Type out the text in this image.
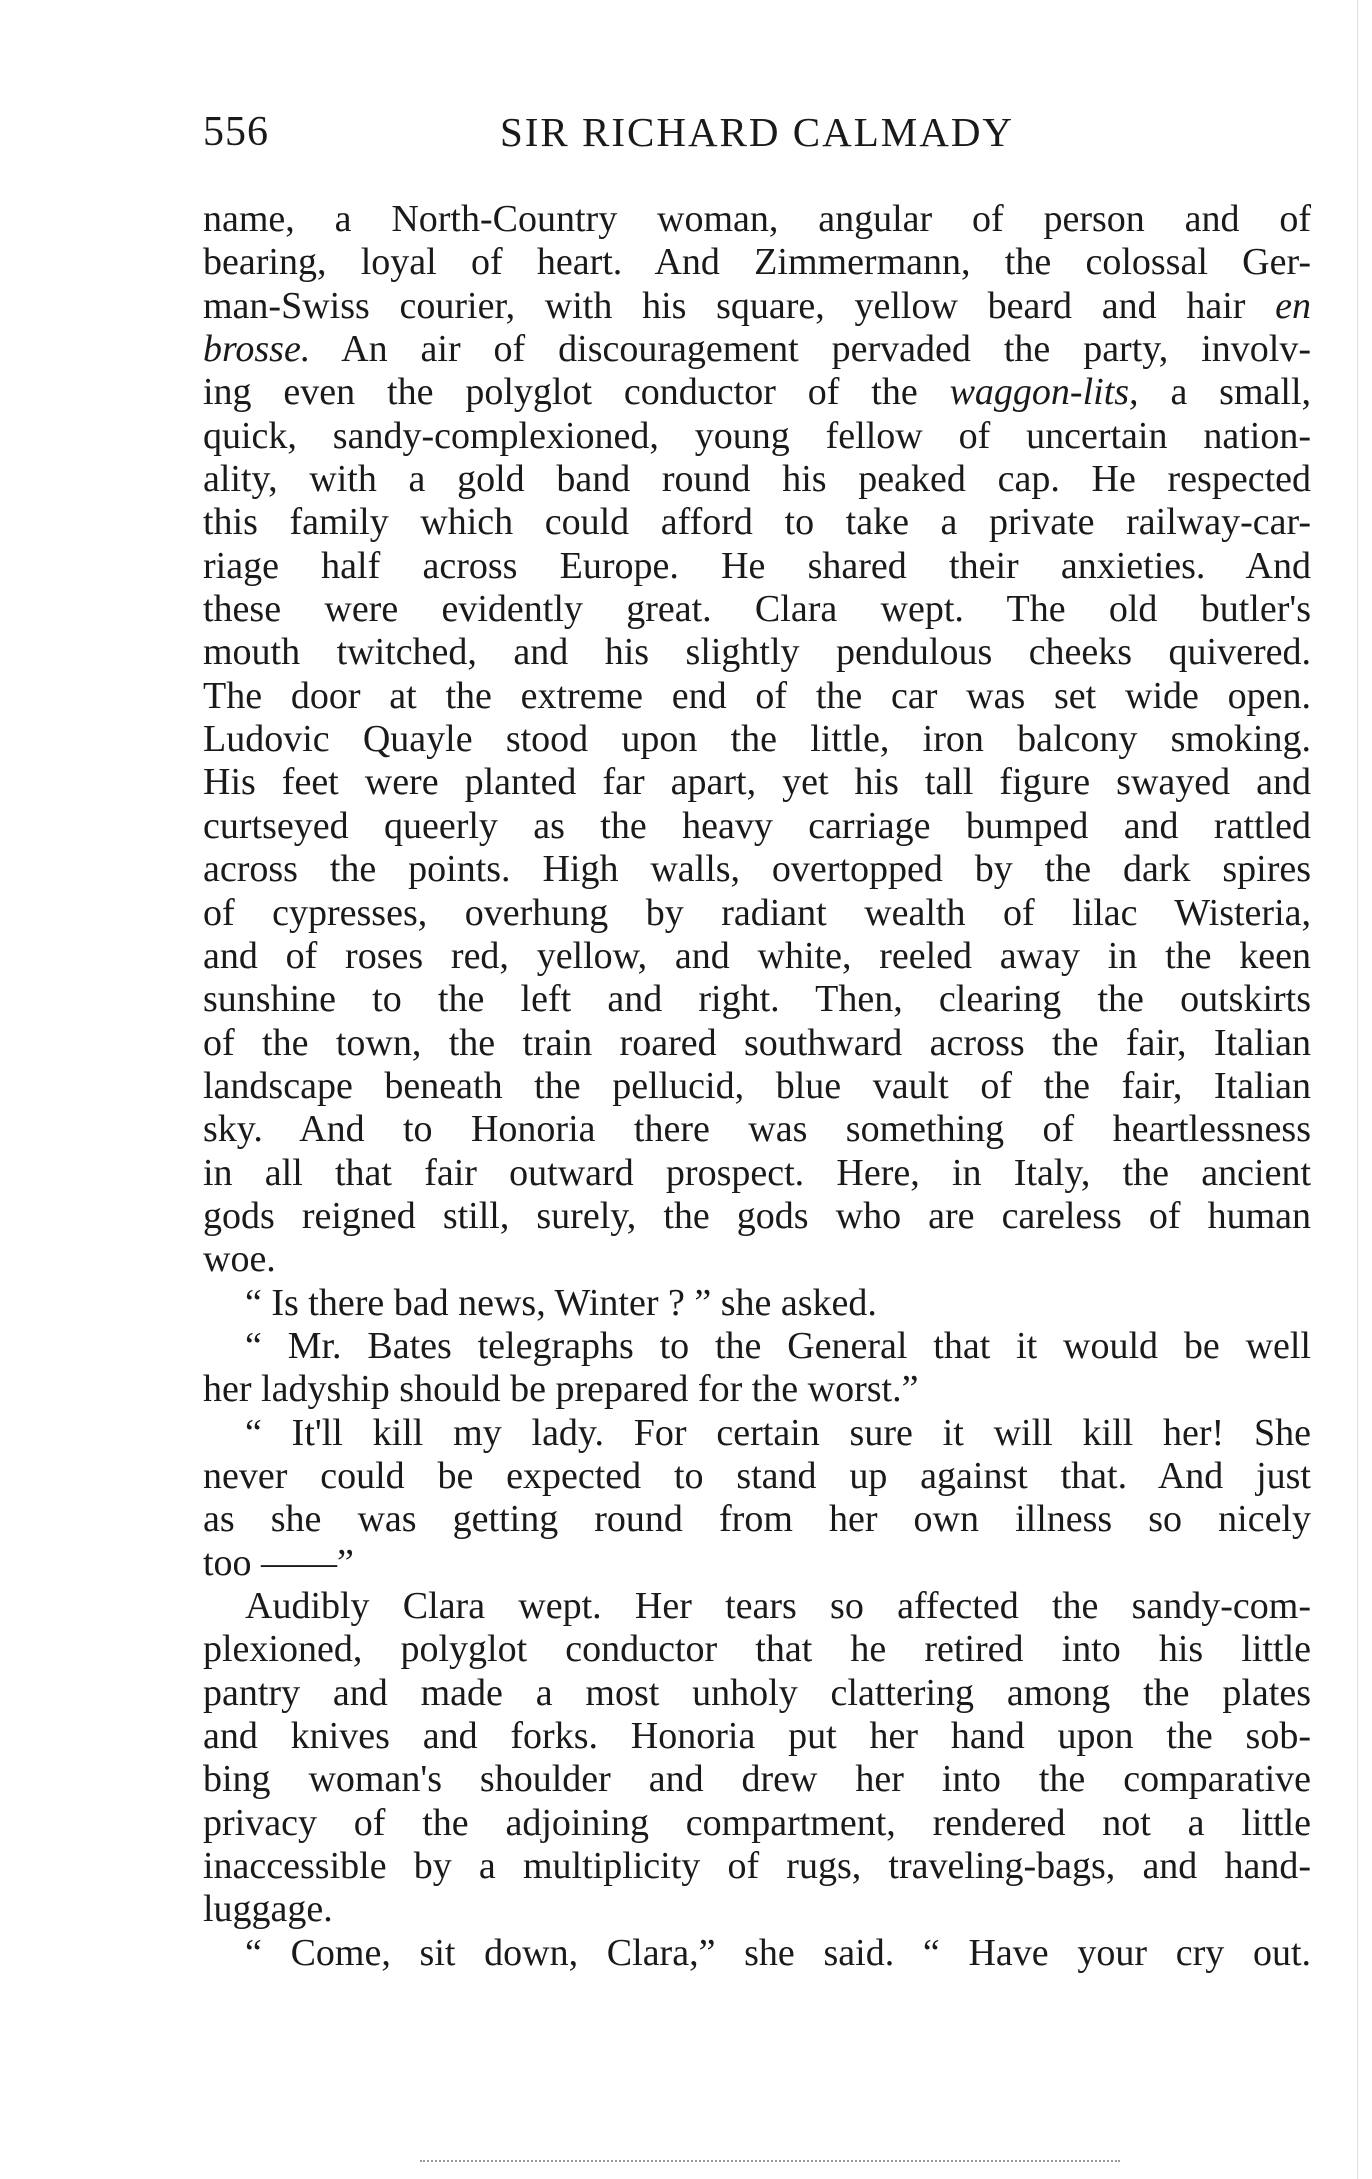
556	SIR RICHARD CALMADY
name, a North-Country woman, angular of person and of
bearing, loyal of heart. And Zimmermann, the colossal Ger-
man-Swiss courier, with his square, yellow beard and hair en
brosse. An air of discouragement pervaded the party, involv-
ing even the polyglot conductor of the waggon-lits, a small,
quick, sandy-complexioned, young fellow of uncertain nation-
ality, with a gold band round his peaked cap. He respected
this family which could afford to take a private railway-car-
riage half across Europe. He shared their anxieties. And
these were evidently great. Clara wept. The old butler's
mouth twitched, and his slightly pendulous cheeks quivered.
The door at the extreme end of the car was set wide open.
Ludovic Quayle stood upon the little, iron balcony smoking.
His feet were planted far apart, yet his tall figure swayed and
curtseyed queerly as the heavy carriage bumped and rattled
across the points. High walls, overtopped by the dark spires
of cypresses, overhung by radiant wealth of lilac Wisteria,
and of roses red, yellow, and white, reeled away in the keen
sunshine to the left and right. Then, clearing the outskirts
of the town, the train roared southward across the fair, Italian
landscape beneath the pellucid, blue vault of the fair, Italian
sky. And to Honoria there was something of heartlessness
in all that fair outward prospect. Here, in Italy, the ancient
gods reigned still, surely, the gods who are careless of human
woe.
“ Is there bad news, Winter ? ” she asked.
“ Mr. Bates telegraphs to the General that it would be well
her ladyship should be prepared for the worst.”
“ It'll kill my lady. For certain sure it will kill her! She
never could be expected to stand up against that. And just
as she was getting round from her own illness so nicely
too ——”
Audibly Clara wept. Her tears so affected the sandy-com-
plexioned, polyglot conductor that he retired into his little
pantry and made a most unholy clattering among the plates
and knives and forks. Honoria put her hand upon the sob-
bing woman's shoulder and drew her into the comparative
privacy of the adjoining compartment, rendered not a little
inaccessible by a multiplicity of rugs, traveling-bags, and hand-
luggage.
“ Come, sit down, Clara,” she said. “ Have your cry out.
